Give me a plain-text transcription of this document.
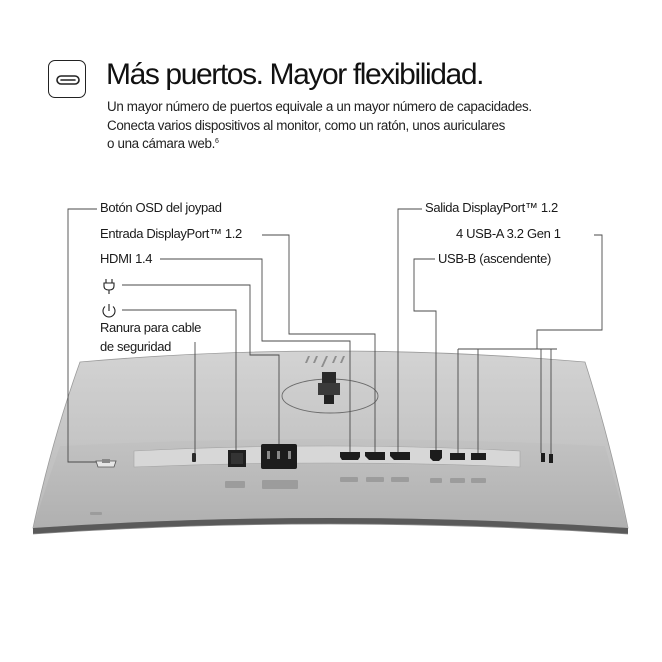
Más puertos. Mayor flexibilidad.

Un mayor número de puertos equivale a un mayor número de capacidades.
Conecta varios dispositivos al monitor, como un ratón, unos auriculares
o una cámara web.$^6$

Botón OSD del joypad
Entrada DisplayPort™ 1.2
HDMI 1.4
Ranura para cable
de seguridad
Salida DisplayPort™ 1.2
4 USB-A 3.2 Gen 1
USB-B (ascendente)
